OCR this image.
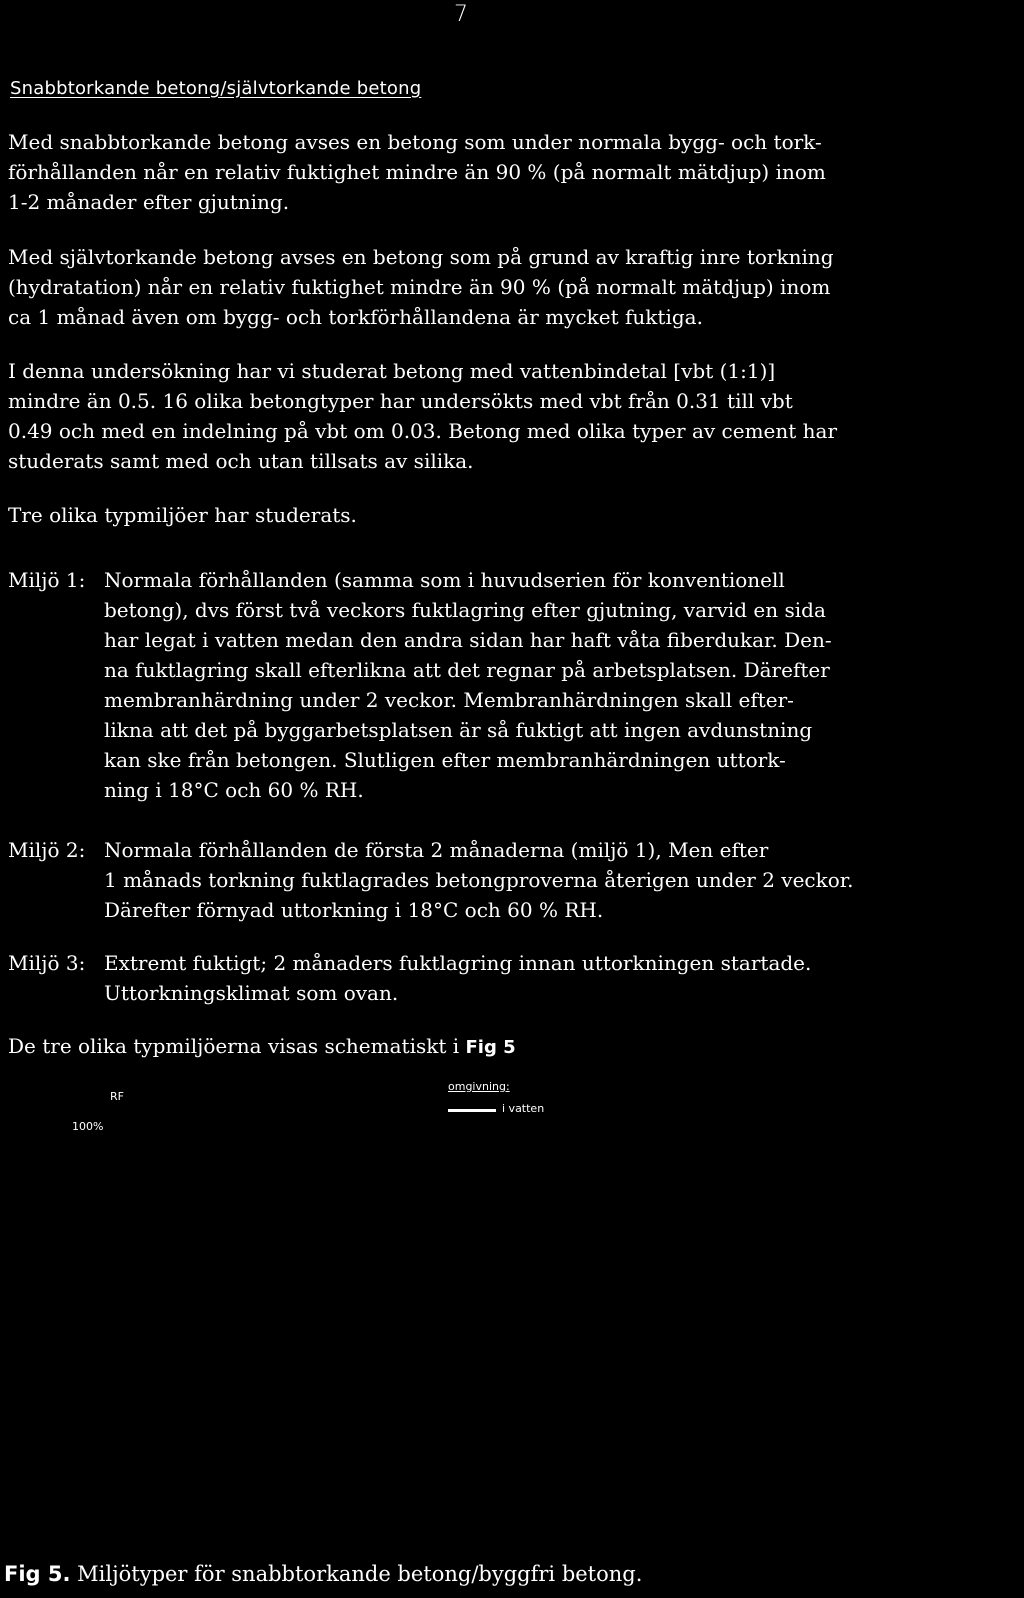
7
Snabbtorkande betong/självtorkande betong

Med snabbtorkande betong avses en betong som under normala bygg- och tork-
förhållanden når en relativ fuktighet mindre än 90 % (på normalt mätdjup) inom
1-2 månader efter gjutning.

Med självtorkande betong avses en betong som på grund av kraftig inre torkning
(hydratation) når en relativ fuktighet mindre än 90 % (på normalt mätdjup) inom
ca 1 månad även om bygg- och torkförhållandena är mycket fuktiga.

I denna undersökning har vi studerat betong med vattenbindetal [vbt (1:1)]
mindre än 0.5. 16 olika betongtyper har undersökts med vbt från 0.31 till vbt
0.49 och med en indelning på vbt om 0.03. Betong med olika typer av cement har
studerats samt med och utan tillsats av silika.

Tre olika typmiljöer har studerats.

Miljö 1: Normala förhållanden (samma som i huvudserien för konventionell
betong), dvs först två veckors fuktlagring efter gjutning, varvid en sida
har legat i vatten medan den andra sidan har haft våta fiberdukar. Den-
na fuktlagring skall efterlikna att det regnar på arbetsplatsen. Därefter
membranhärdning under 2 veckor. Membranhärdningen skall efter-
likna att det på byggarbetsplatsen är så fuktigt att ingen avdunstning
kan ske från betongen. Slutligen efter membranhärdningen uttork-
ning i 18°C och 60 % RH.
Miljö 2: Normala förhållanden de första 2 månaderna (miljö 1), Men efter
1 månads torkning fuktlagrades betongproverna återigen under 2 veckor.
Därefter förnyad uttorkning i 18°C och 60 % RH.
Miljö 3: Extremt fuktigt; 2 månaders fuktlagring innan uttorkningen startade.
Uttorkningsklimat som ovan.

De tre olika typmiljöerna visas schematiskt i Fig 5

RF
100%
omgivning:
i vatten
Fig 5. Miljötyper för snabbtorkande betong/byggfri betong.
